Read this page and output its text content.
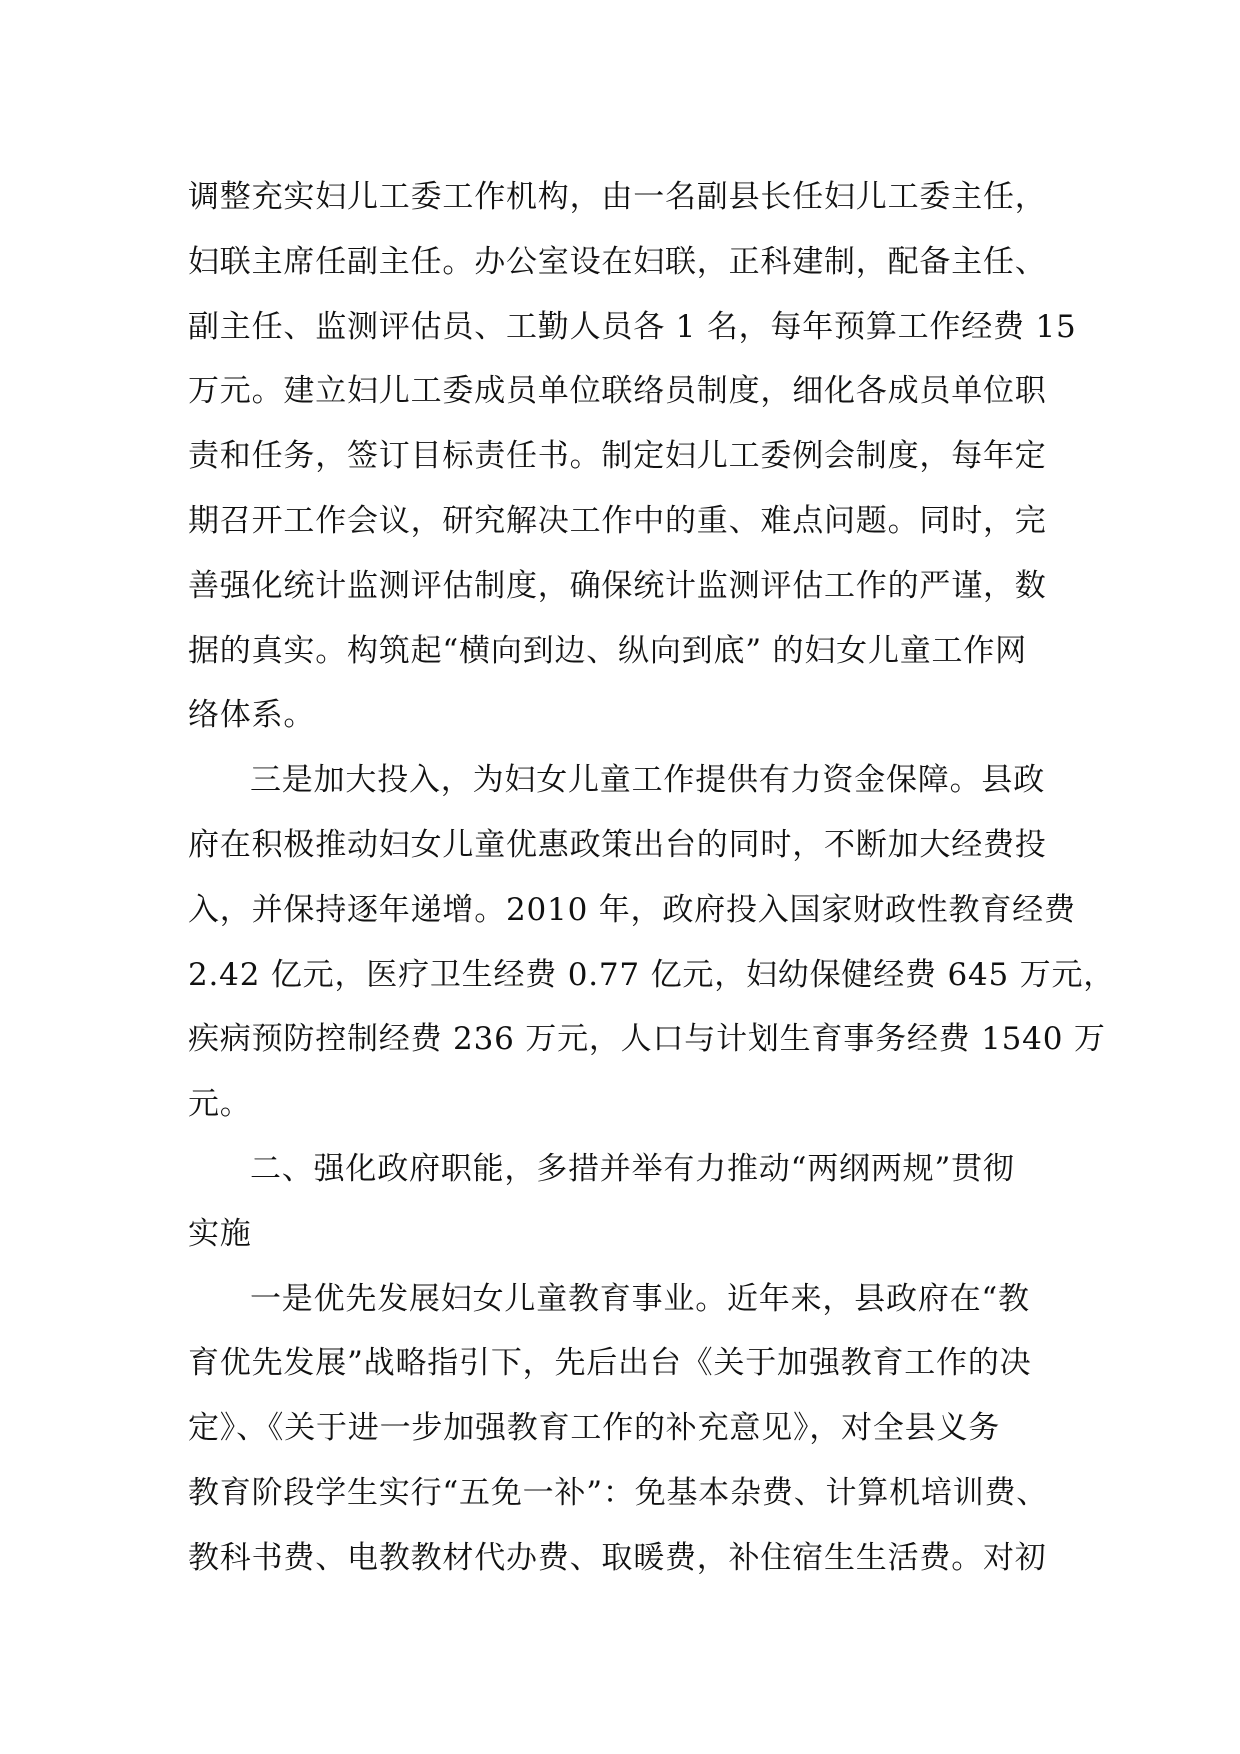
调整充实妇儿工委工作机构，由一名副县长任妇儿工委主任，
妇联主席任副主任。办公室设在妇联，正科建制，配备主任、
副主任、监测评估员、工勤人员各 1 名，每年预算工作经费 15
万元。建立妇儿工委成员单位联络员制度，细化各成员单位职
责和任务，签订目标责任书。制定妇儿工委例会制度，每年定
期召开工作会议，研究解决工作中的重、难点问题。同时，完
善强化统计监测评估制度，确保统计监测评估工作的严谨，数
据的真实。构筑起“横向到边、纵向到底” 的妇女儿童工作网
络体系。
三是加大投入，为妇女儿童工作提供有力资金保障。县政
府在积极推动妇女儿童优惠政策出台的同时，不断加大经费投
入，并保持逐年递增。2010 年，政府投入国家财政性教育经费
2.42 亿元，医疗卫生经费 0.77 亿元，妇幼保健经费 645 万元，
疾病预防控制经费 236 万元，人口与计划生育事务经费 1540 万
元。
二、强化政府职能，多措并举有力推动“两纲两规”贯彻
实施
一是优先发展妇女儿童教育事业。近年来，县政府在“教
育优先发展”战略指引下，先后出台《关于加强教育工作的决
定》、《关于进一步加强教育工作的补充意见》，对全县义务
教育阶段学生实行“五免一补”：免基本杂费、计算机培训费、
教科书费、电教教材代办费、取暖费，补住宿生生活费。对初
